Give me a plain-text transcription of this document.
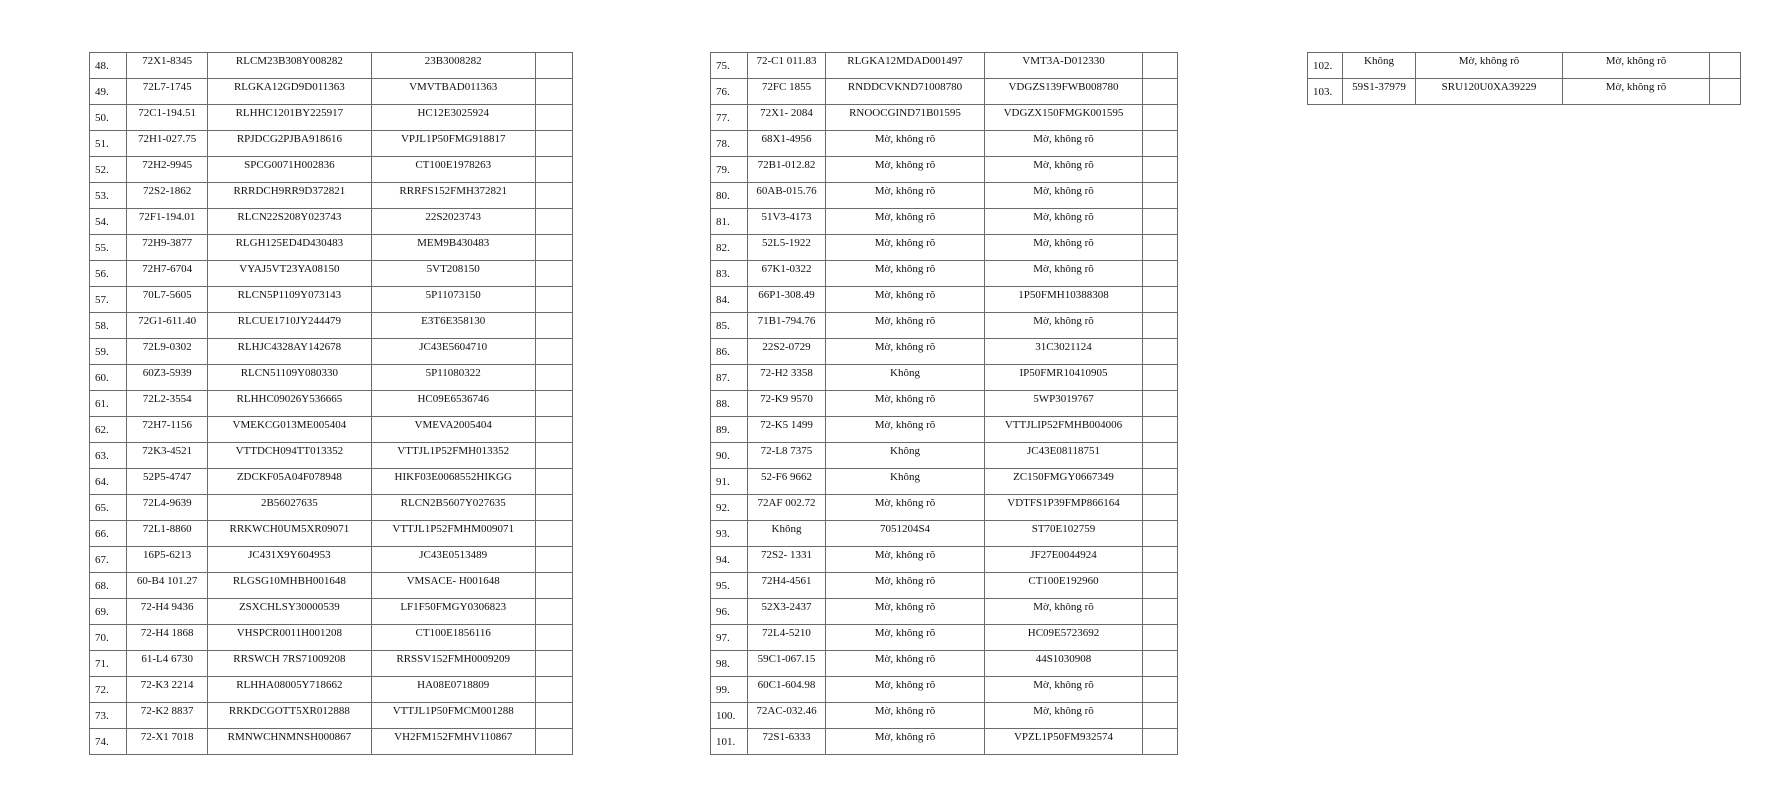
48.	72X1-8345	RLCM23B308Y008282	23B3008282	
49.	72L7-1745	RLGKA12GD9D011363	VMVTBAD011363	
50.	72C1-194.51	RLHHC1201BY225917	HC12E3025924	
51.	72H1-027.75	RPJDCG2PJBA918616	VPJL1P50FMG918817	
52.	72H2-9945	SPCG0071H002836	CT100E1978263	
53.	72S2-1862	RRRDCH9RR9D372821	RRRFS152FMH372821	
54.	72F1-194.01	RLCN22S208Y023743	22S2023743	
55.	72H9-3877	RLGH125ED4D430483	MEM9B430483	
56.	72H7-6704	VYAJ5VT23YA08150	5VT208150	
57.	70L7-5605	RLCN5P1109Y073143	5P11073150	
58.	72G1-611.40	RLCUE1710JY244479	E3T6E358130	
59.	72L9-0302	RLHJC4328AY142678	JC43E5604710	
60.	60Z3-5939	RLCN51109Y080330	5P11080322	
61.	72L2-3554	RLHHC09026Y536665	HC09E6536746	
62.	72H7-1156	VMEKCG013ME005404	VMEVA2005404	
63.	72K3-4521	VTTDCH094TT013352	VTTJL1P52FMH013352	
64.	52P5-4747	ZDCKF05A04F078948	HIKF03E0068552HIKGG	
65.	72L4-9639	2B56027635	RLCN2B5607Y027635	
66.	72L1-8860	RRKWCH0UM5XR09071	VTTJL1P52FMHM009071	
67.	16P5-6213	JC431X9Y604953	JC43E0513489	
68.	60-B4 101.27	RLGSG10MHBH001648	VMSACE- H001648	
69.	72-H4 9436	ZSXCHLSY30000539	LF1F50FMGY0306823	
70.	72-H4 1868	VHSPCR0011H001208	CT100E1856116	
71.	61-L4 6730	RRSWCH 7RS71009208	RRSSV152FMH0009209	
72.	72-K3 2214	RLHHA08005Y718662	HA08E0718809	
73.	72-K2 8837	RRKDCGOTT5XR012888	VTTJL1P50FMCM001288	
74.	72-X1 7018	RMNWCHNMNSH000867	VH2FM152FMHV110867	
75.	72-C1 011.83	RLGKA12MDAD001497	VMT3A-D012330	
76.	72FC 1855	RNDDCVKND71008780	VDGZS139FWB008780	
77.	72X1- 2084	RNOOCGIND71B01595	VDGZX150FMGK001595	
78.	68X1-4956	Mờ, không rõ	Mờ, không rõ	
79.	72B1-012.82	Mờ, không rõ	Mờ, không rõ	
80.	60AB-015.76	Mờ, không rõ	Mờ, không rõ	
81.	51V3-4173	Mờ, không rõ	Mờ, không rõ	
82.	52L5-1922	Mờ, không rõ	Mờ, không rõ	
83.	67K1-0322	Mờ, không rõ	Mờ, không rõ	
84.	66P1-308.49	Mờ, không rõ	1P50FMH10388308	
85.	71B1-794.76	Mờ, không rõ	Mờ, không rõ	
86.	22S2-0729	Mờ, không rõ	31C3021124	
87.	72-H2 3358	Không	IP50FMR10410905	
88.	72-K9 9570	Mờ, không rõ	5WP3019767	
89.	72-K5 1499	Mờ, không rõ	VTTJLIP52FMHB004006	
90.	72-L8 7375	Không	JC43E08118751	
91.	52-F6 9662	Không	ZC150FMGY0667349	
92.	72AF 002.72	Mờ, không rõ	VDTFS1P39FMP866164	
93.	Không	7051204S4	ST70E102759	
94.	72S2- 1331	Mờ, không rõ	JF27E0044924	
95.	72H4-4561	Mờ, không rõ	CT100E192960	
96.	52X3-2437	Mờ, không rõ	Mờ, không rõ	
97.	72L4-5210	Mờ, không rõ	HC09E5723692	
98.	59C1-067.15	Mờ, không rõ	44S1030908	
99.	60C1-604.98	Mờ, không rõ	Mờ, không rõ	
100.	72AC-032.46	Mờ, không rõ	Mờ, không rõ	
101.	72S1-6333	Mờ, không rõ	VPZL1P50FM932574	
102.	Không	Mờ, không rõ	Mờ, không rõ	
103.	59S1-37979	SRU120U0XA39229	Mờ, không rõ	
